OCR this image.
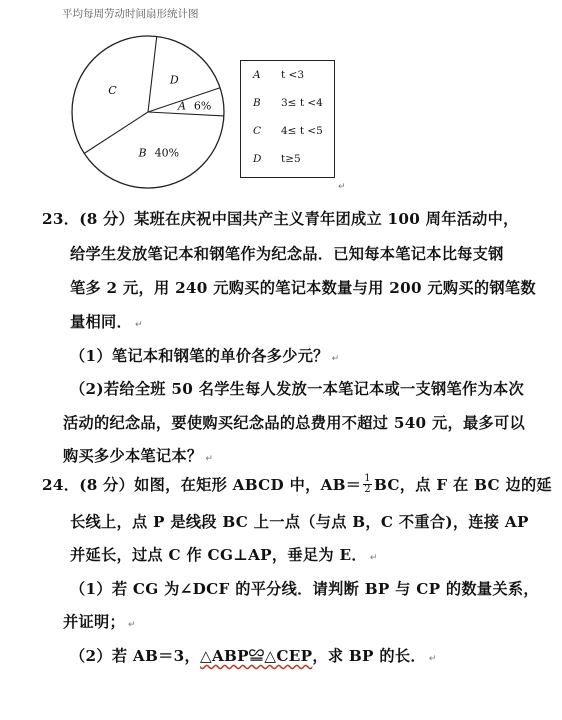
平均每周劳动时间扇形统计图
A 6%
D
C
B 40%
A t <3
B 3≤ t <4
C 4≤ t <5
D t≥5
↵
23．(8 分）某班在庆祝中国共产主义青年团成立 100 周年活动中，
给学生发放笔记本和钢笔作为纪念品．已知每本笔记本比每支钢
笔多 2 元，用 240 元购买的笔记本数量与用 200 元购买的钢笔数
量相同． ↵
（1）笔记本和钢笔的单价各多少元？ ↵
（2)若给全班 50 名学生每人发放一本笔记本或一支钢笔作为本次
活动的纪念品，要使购买纪念品的总费用不超过 540 元，最多可以
购买多少本笔记本？ ↵
24．(8 分）如图，在矩形 ABCD 中，$AB= \frac{1}{2}$ BC，点 F 在 BC 边的延
长线上，点 P 是线段 BC 上一点（与点 B，C 不重合)，连接 AP
并延长，过点 C 作 CG⊥AP，垂足为 E． ↵
（1）若 CG 为∠DCF 的平分线．请判断 BP 与 CP 的数量关系，
并证明； ↵
（2）若 AB＝3，△ABP≌△CEP，求 BP 的长． ↵
